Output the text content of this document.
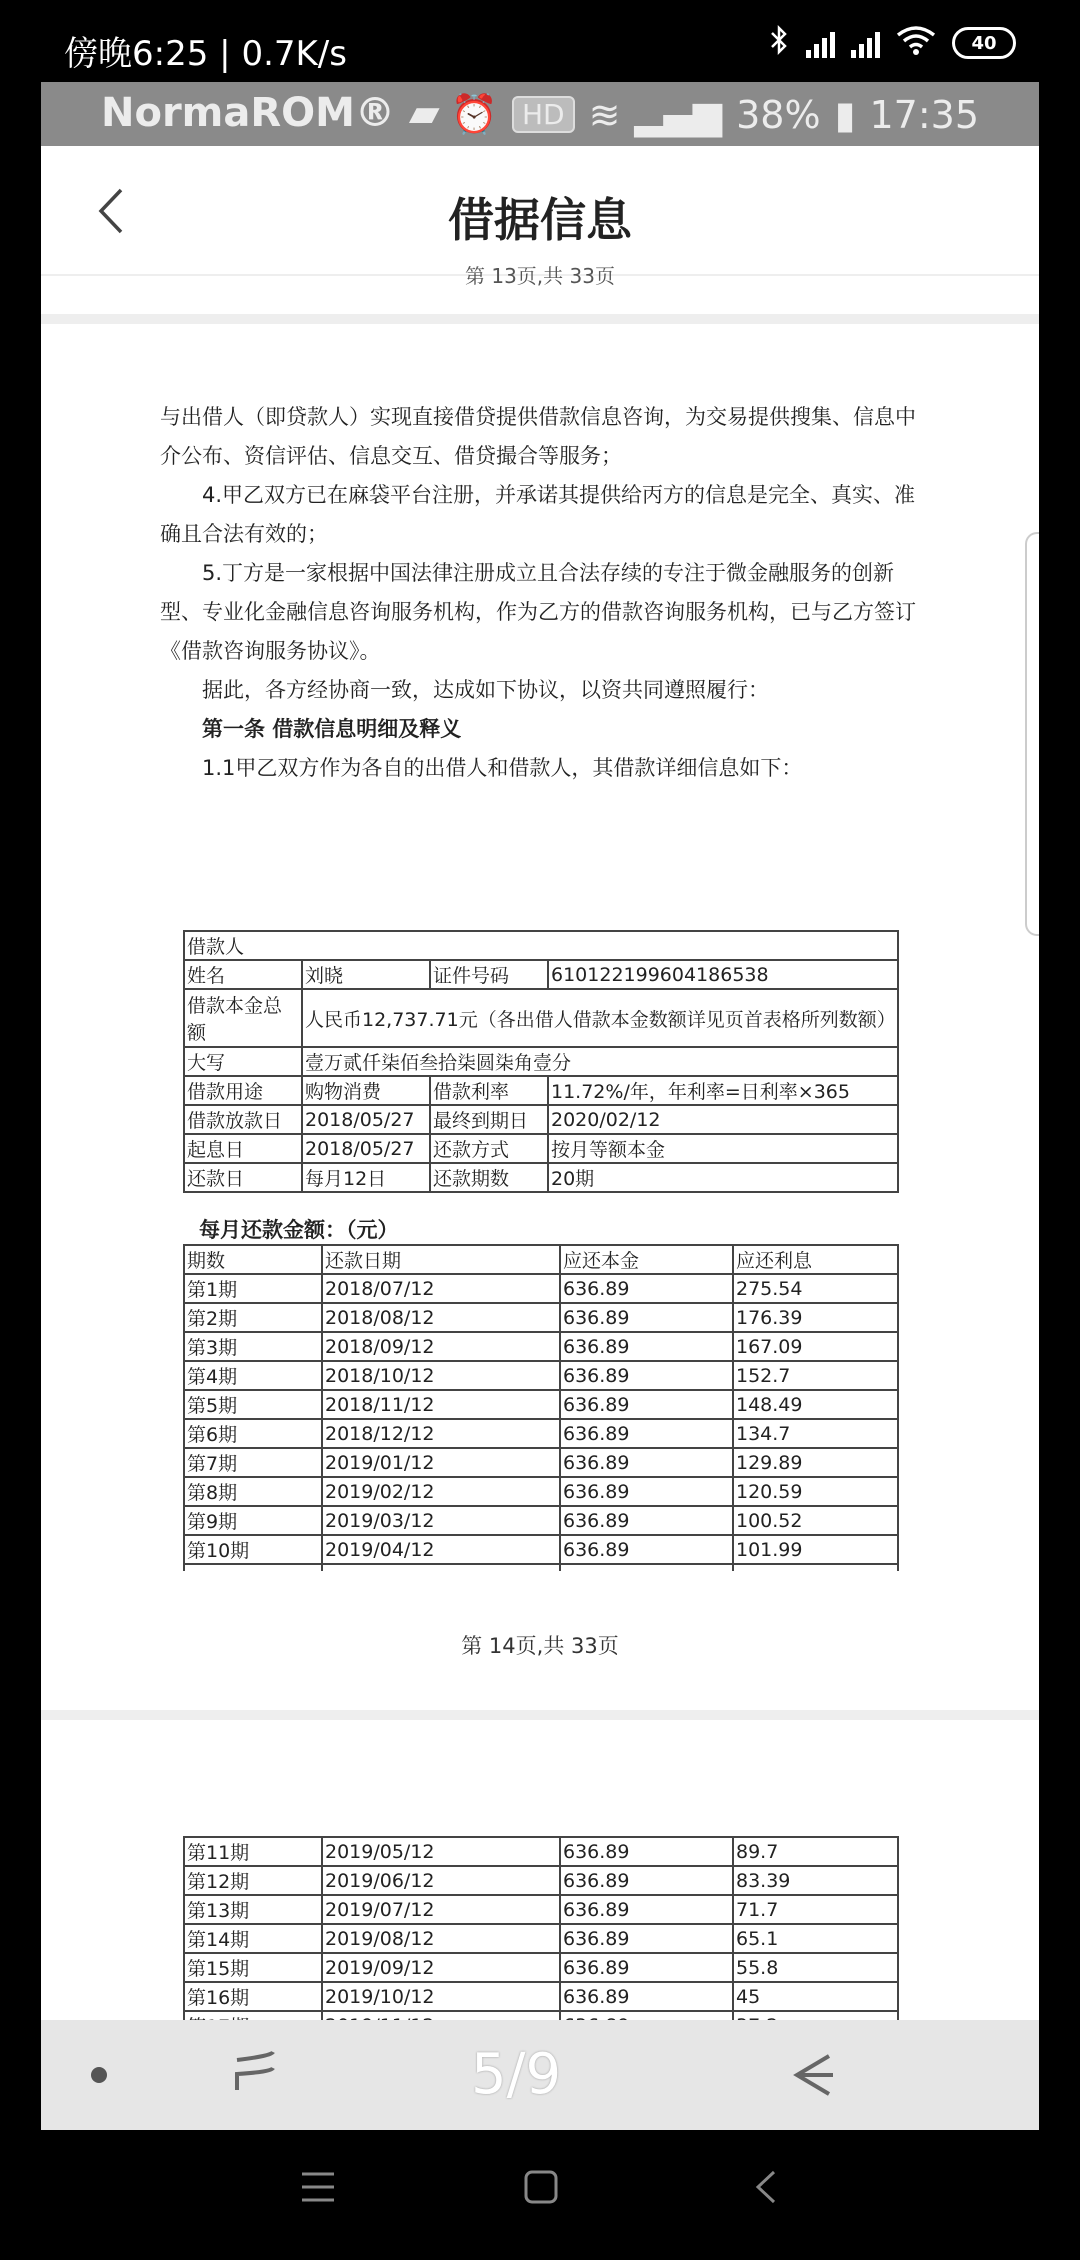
傍晚6:25 | 0.7K/s	40
NormaROM® ▰ ⏰ HD ≋ ▂▄▆ 38% ▮ 17:35
借据信息
第 13页,共 33页

与出借人（即贷款人）实现直接借贷提供借款信息咨询，为交易提供搜集、信息中介公布、资信评估、信息交互、借贷撮合等服务；

4.甲乙双方已在麻袋平台注册，并承诺其提供给丙方的信息是完全、真实、准确且合法有效的；

5.丁方是一家根据中国法律注册成立且合法存续的专注于微金融服务的创新型、专业化金融信息咨询服务机构，作为乙方的借款咨询服务机构，已与乙方签订《借款咨询服务协议》。

据此，各方经协商一致，达成如下协议，以资共同遵照履行：

第一条 借款信息明细及释义

1.1甲乙双方作为各自的出借人和借款人，其借款详细信息如下：

借款人			
姓名	刘晓	证件号码	610122199604186538
借款本金总额	人民币12,737.71元（各出借人借款本金数额详见页首表格所列数额）		
大写	壹万贰仟柒佰叁拾柒圆柒角壹分		
借款用途	购物消费	借款利率	11.72%/年，年利率=日利率×365
借款放款日	2018/05/27	最终到期日	2020/02/12
起息日	2018/05/27	还款方式	按月等额本金
还款日	每月12日	还款期数	20期
每月还款金额：（元）
期数	还款日期	应还本金	应还利息
第1期	2018/07/12	636.89	275.54
第2期	2018/08/12	636.89	176.39
第3期	2018/09/12	636.89	167.09
第4期	2018/10/12	636.89	152.7
第5期	2018/11/12	636.89	148.49
第6期	2018/12/12	636.89	134.7
第7期	2019/01/12	636.89	129.89
第8期	2019/02/12	636.89	120.59
第9期	2019/03/12	636.89	100.52
第10期	2019/04/12	636.89	101.99

第 14页,共 33页
第11期	2019/05/12	636.89	89.7
第12期	2019/06/12	636.89	83.39
第13期	2019/07/12	636.89	71.7
第14期	2019/08/12	636.89	65.1
第15期	2019/09/12	636.89	55.8
第16期	2019/10/12	636.89	45

5/9
